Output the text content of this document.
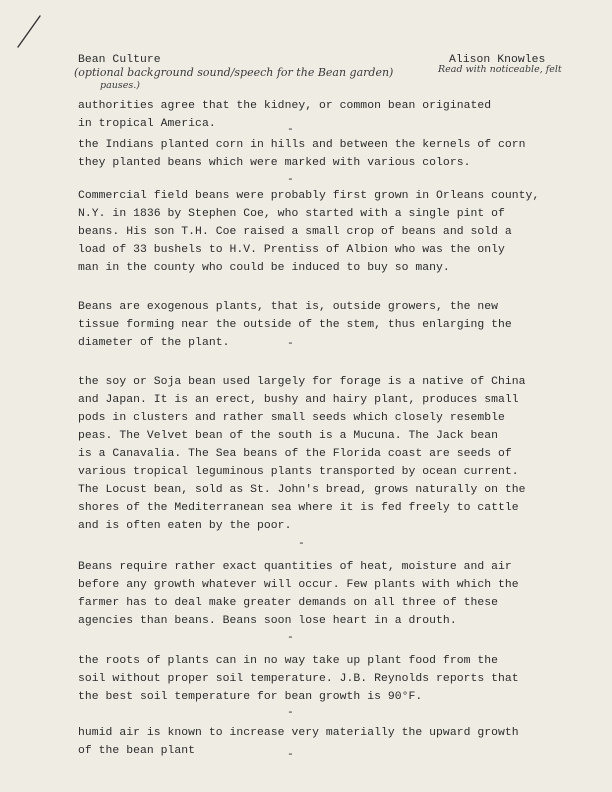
Bean Culture	Alison Knowles
(optional background sound/speech for the Bean garden)
pauses.)
Read with noticeable, felt
authorities agree that the kidney, or common bean originated
in tropical America.	-
the Indians planted corn in hills and between the kernels of corn
they planted beans which were marked with various colors.
-
Commercial field beans were probably first grown in Orleans county,
N.Y. in 1836 by Stephen Coe, who started with a single pint of
beans. His son T.H. Coe raised a small crop of beans and sold a
load of 33 bushels to H.V. Prentiss of Albion who was the only
man in the county who could be induced to buy so many.
Beans are exogenous plants, that is, outside growers, the new
tissue forming near the outside of the stem, thus enlarging the
diameter of the plant.	-
the soy or Soja bean used largely for forage is a native of China
and Japan. It is an erect, bushy and hairy plant, produces small
pods in clusters and rather small seeds which closely resemble
peas. The Velvet bean of the south is a Mucuna. The Jack bean
is a Canavalia. The Sea beans of the Florida coast are seeds of
various tropical leguminous plants transported by ocean current.
The Locust bean, sold as St. John's bread, grows naturally on the
shores of the Mediterranean sea where it is fed freely to cattle
and is often eaten by the poor.
-
Beans require rather exact quantities of heat, moisture and air
before any growth whatever will occur. Few plants with which the
farmer has to deal make greater demands on all three of these
agencies than beans. Beans soon lose heart in a drouth.
-
the roots of plants can in no way take up plant food from the
soil without proper soil temperature. J.B. Reynolds reports that
the best soil temperature for bean growth is 90°F.
-
humid air is known to increase very materially the upward growth
of the bean plant	-
